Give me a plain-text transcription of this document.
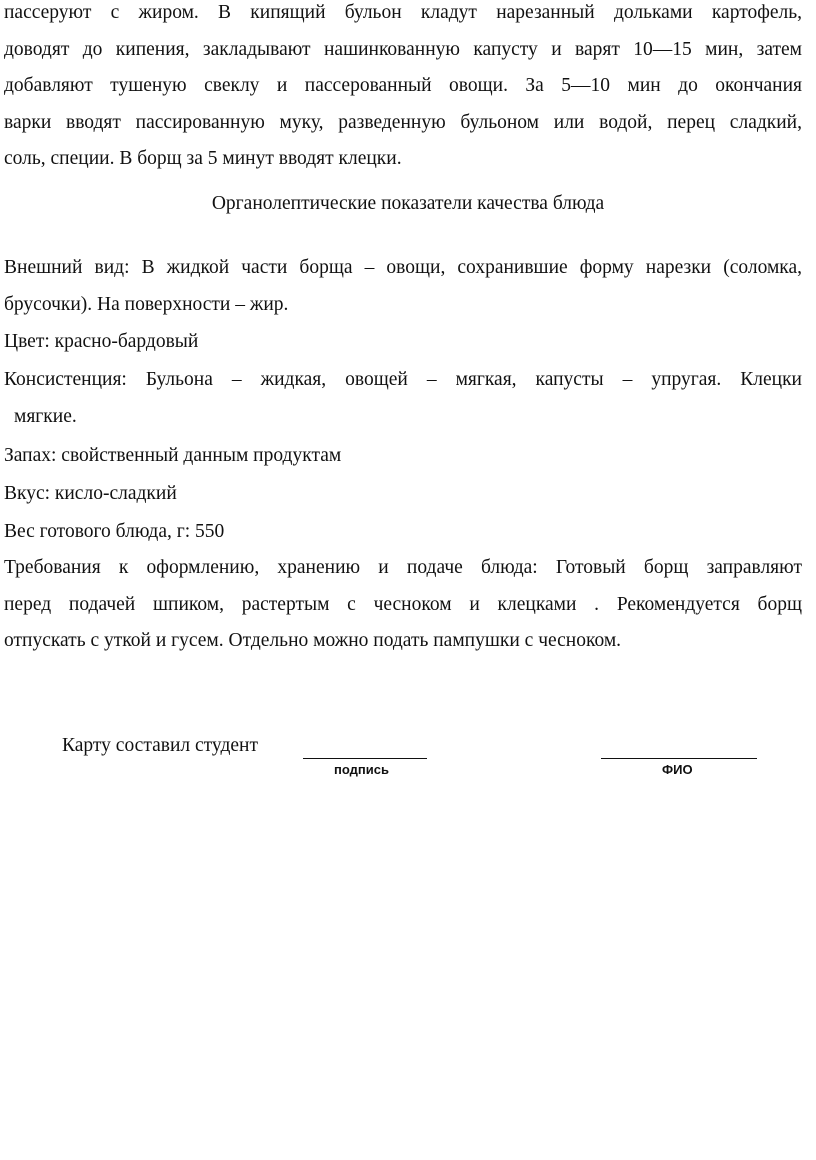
пассеруют с жиром. В кипящий бульон кладут нарезанный дольками картофель,
доводят до кипения, закладывают нашинкованную капусту и варят 10—15 мин, затем
добавляют тушеную свеклу и пассерованный овощи. За 5—10 мин до окончания
варки вводят пассированную муку, разведенную бульоном или водой, перец сладкий,
соль, специи. В борщ за 5 минут вводят клецки.

Органолептические показатели качества блюда

Внешний вид: В жидкой части борща – овощи, сохранившие форму нарезки (соломка,
брусочки). На поверхности – жир.

Цвет: красно-бардовый

Консистенция: Бульона – жидкая, овощей – мягкая, капусты – упругая. Клецки
мягкие.

Запах: свойственный данным продуктам

Вкус: кисло-сладкий

Вес готового блюда, г: 550

Требования к оформлению, хранению и подаче блюда: Готовый борщ заправляют
перед подачей шпиком, растертым с чесноком и клецками . Рекомендуется борщ
отпускать с уткой и гусем. Отдельно можно подать пампушки с чесноком.

Карту составил студент
подпись	ФИО
